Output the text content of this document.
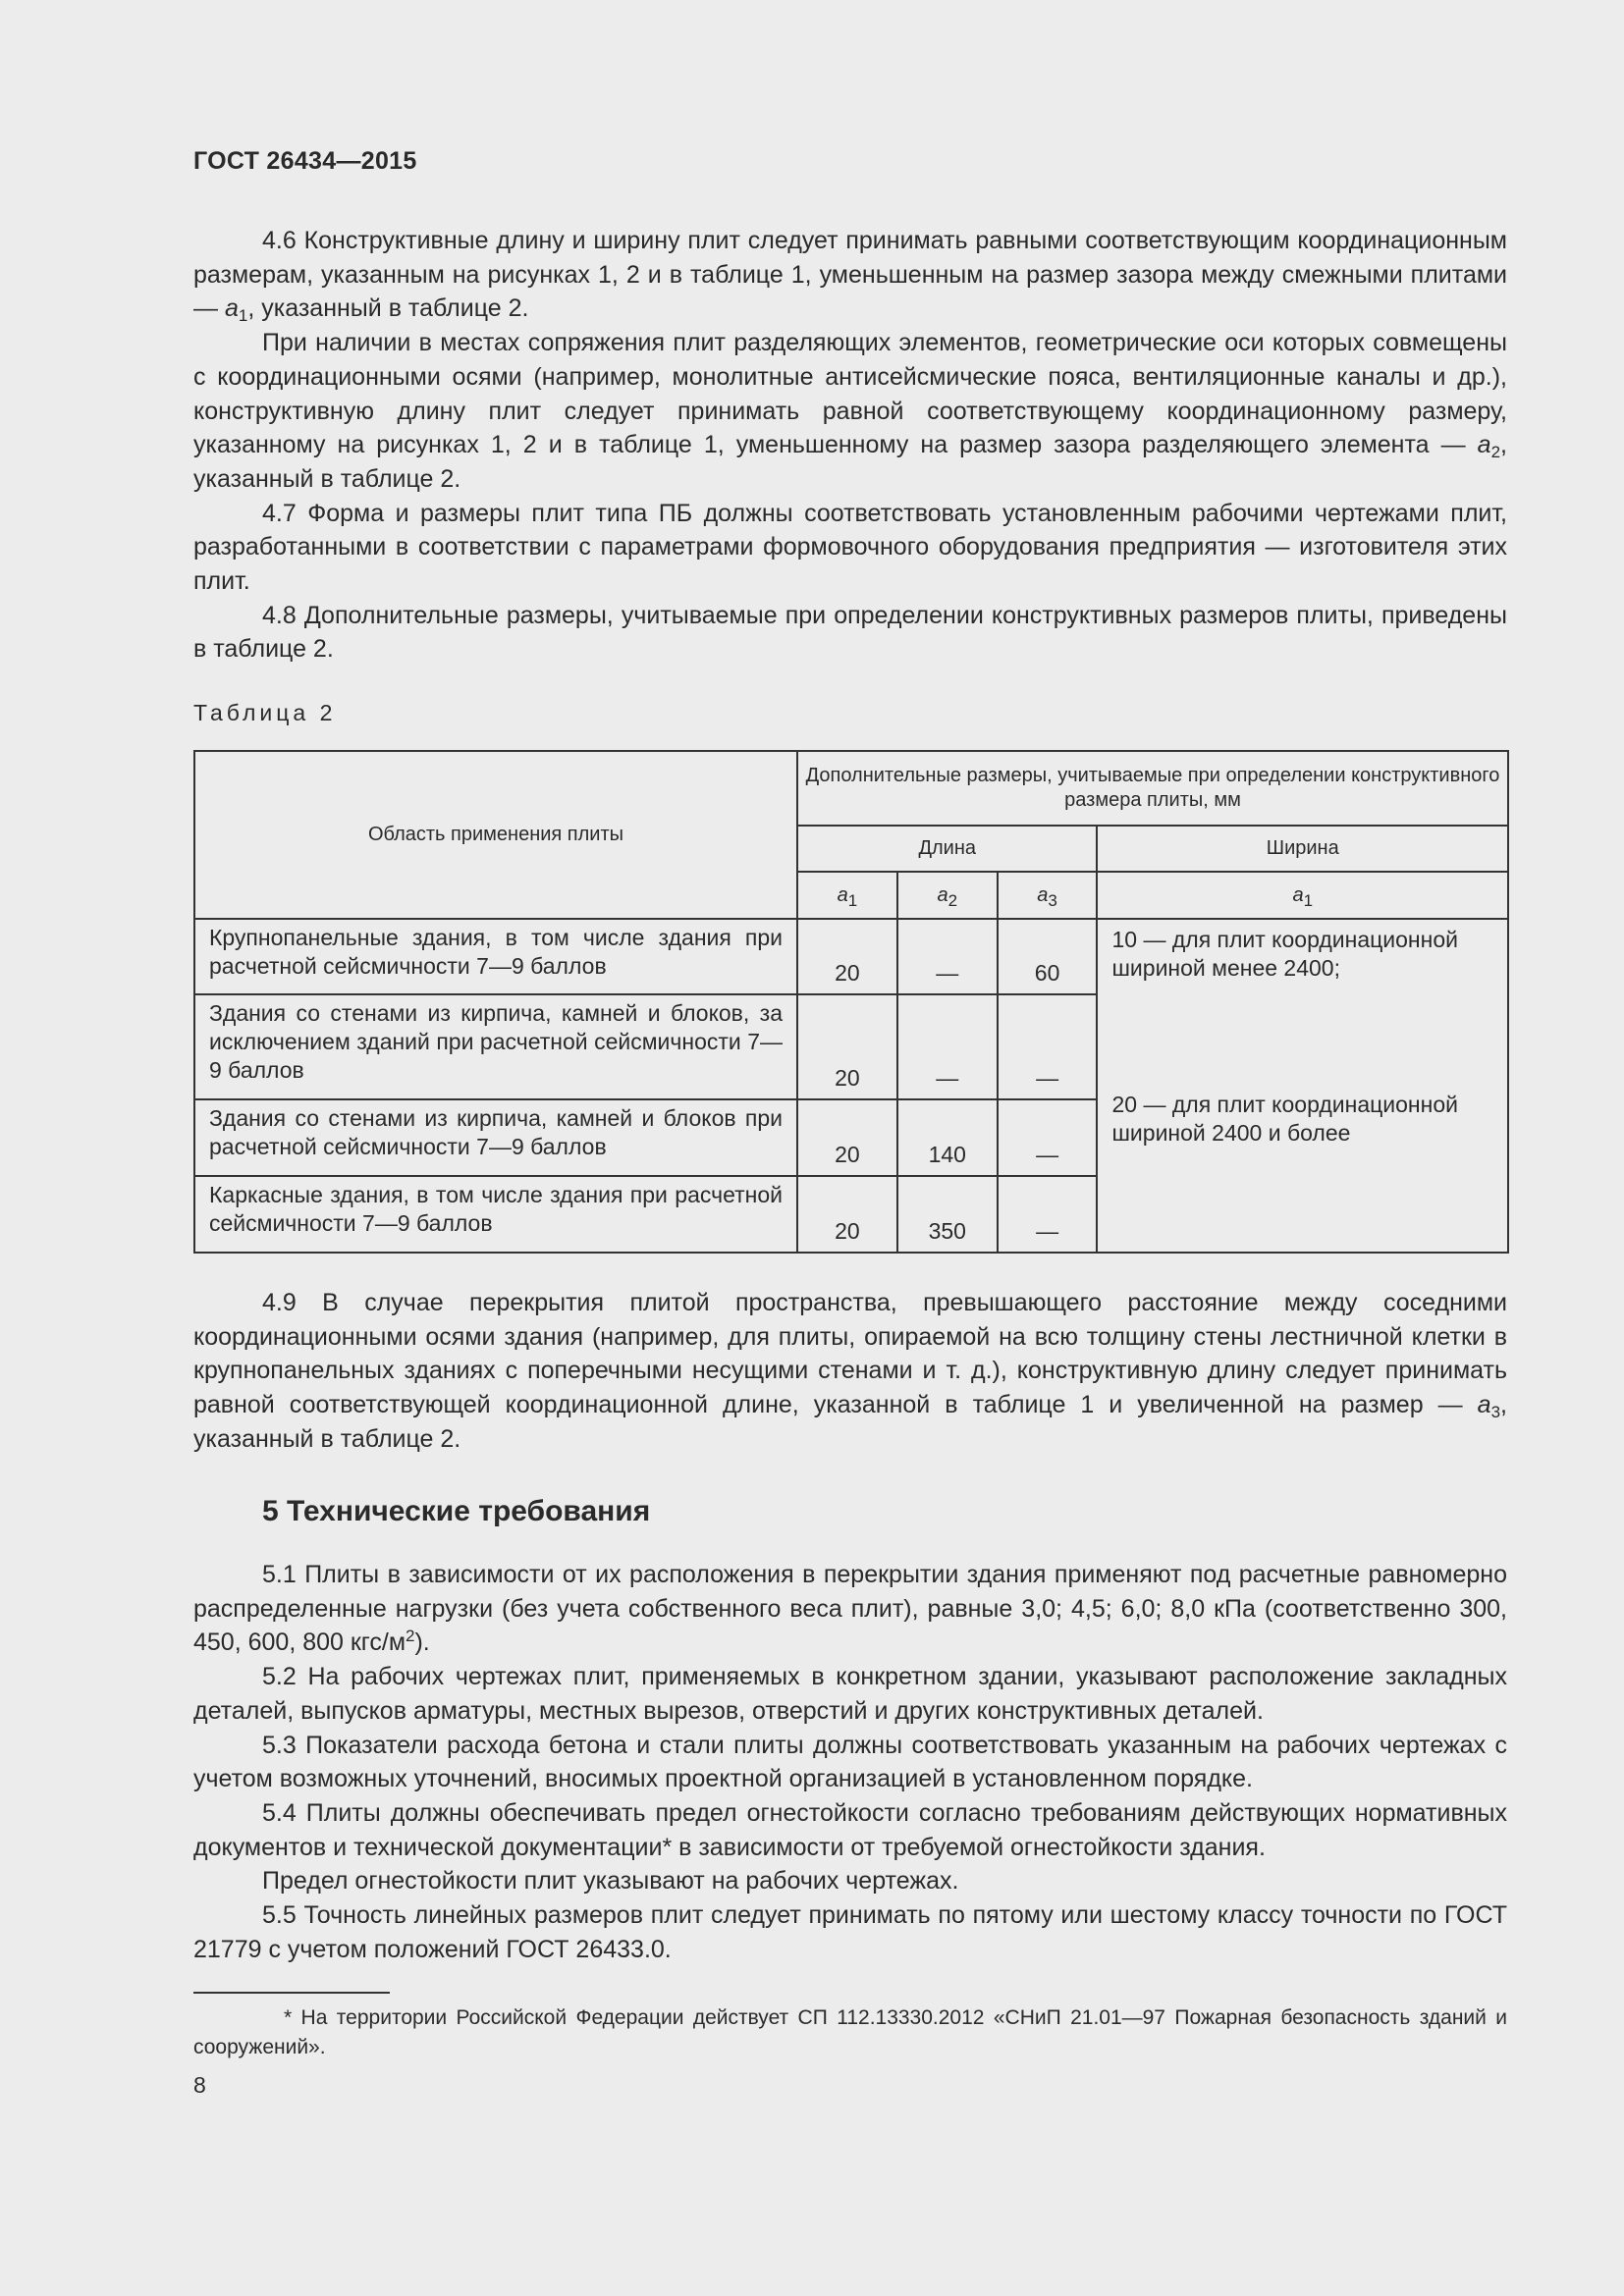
ГОСТ 26434—2015

4.6 Конструктивные длину и ширину плит следует принимать равными соответствующим координационным размерам, указанным на рисунках 1, 2 и в таблице 1, уменьшенным на размер зазора между смежными плитами — $a_1$, указанный в таблице 2.

При наличии в местах сопряжения плит разделяющих элементов, геометрические оси которых совмещены с координационными осями (например, монолитные антисейсмические пояса, вентиляционные каналы и др.), конструктивную длину плит следует принимать равной соответствующему координационному размеру, указанному на рисунках 1, 2 и в таблице 1, уменьшенному на размер зазора разделяющего элемента — $a_2$, указанный в таблице 2.

4.7 Форма и размеры плит типа ПБ должны соответствовать установленным рабочими чертежами плит, разработанными в соответствии с параметрами формовочного оборудования предприятия — изготовителя этих плит.

4.8 Дополнительные размеры, учитываемые при определении конструктивных размеров плиты, приведены в таблице 2.

Таблица 2
Область применения плиты	Дополнительные размеры, учитываемые при определении конструктивного размера плиты, мм			
	Длина			Ширина
	$a_1$	$a_2$	$a_3$	$a_1$
Крупнопанельные здания, в том числе здания при расчетной сейсмичности 7—9 баллов	20	—	60	10 — для плит координационной шириной менее 2400;
20 — для плит координационной шириной 2400 и более

Здания со стенами из кирпича, камней и блоков, за исключением зданий при расчетной сейсмичности 7—9 баллов	20	—	—	
Здания со стенами из кирпича, камней и блоков при расчетной сейсмичности 7—9 баллов	20	140	—	
Каркасные здания, в том числе здания при расчетной сейсмичности 7—9 баллов	20	350	—	

4.9 В случае перекрытия плитой пространства, превышающего расстояние между соседними координационными осями здания (например, для плиты, опираемой на всю толщину стены лестничной клетки в крупнопанельных зданиях с поперечными несущими стенами и т. д.), конструктивную длину следует принимать равной соответствующей координационной длине, указанной в таблице 1 и увеличенной на размер — $a_3$, указанный в таблице 2.

5 Технические требования

5.1 Плиты в зависимости от их расположения в перекрытии здания применяют под расчетные равномерно распределенные нагрузки (без учета собственного веса плит), равные 3,0; 4,5; 6,0; 8,0 кПа (соответственно 300, 450, 600, 800 кгс/$м^2$).

5.2 На рабочих чертежах плит, применяемых в конкретном здании, указывают расположение закладных деталей, выпусков арматуры, местных вырезов, отверстий и других конструктивных деталей.

5.3 Показатели расхода бетона и стали плиты должны соответствовать указанным на рабочих чертежах с учетом возможных уточнений, вносимых проектной организацией в установленном порядке.

5.4 Плиты должны обеспечивать предел огнестойкости согласно требованиям действующих нормативных документов и технической документации* в зависимости от требуемой огнестойкости здания.

Предел огнестойкости плит указывают на рабочих чертежах.

5.5 Точность линейных размеров плит следует принимать по пятому или шестому классу точности по ГОСТ 21779 с учетом положений ГОСТ 26433.0.

* На территории Российской Федерации действует СП 112.13330.2012 «СНиП 21.01—97 Пожарная безопасность зданий и сооружений».

8
